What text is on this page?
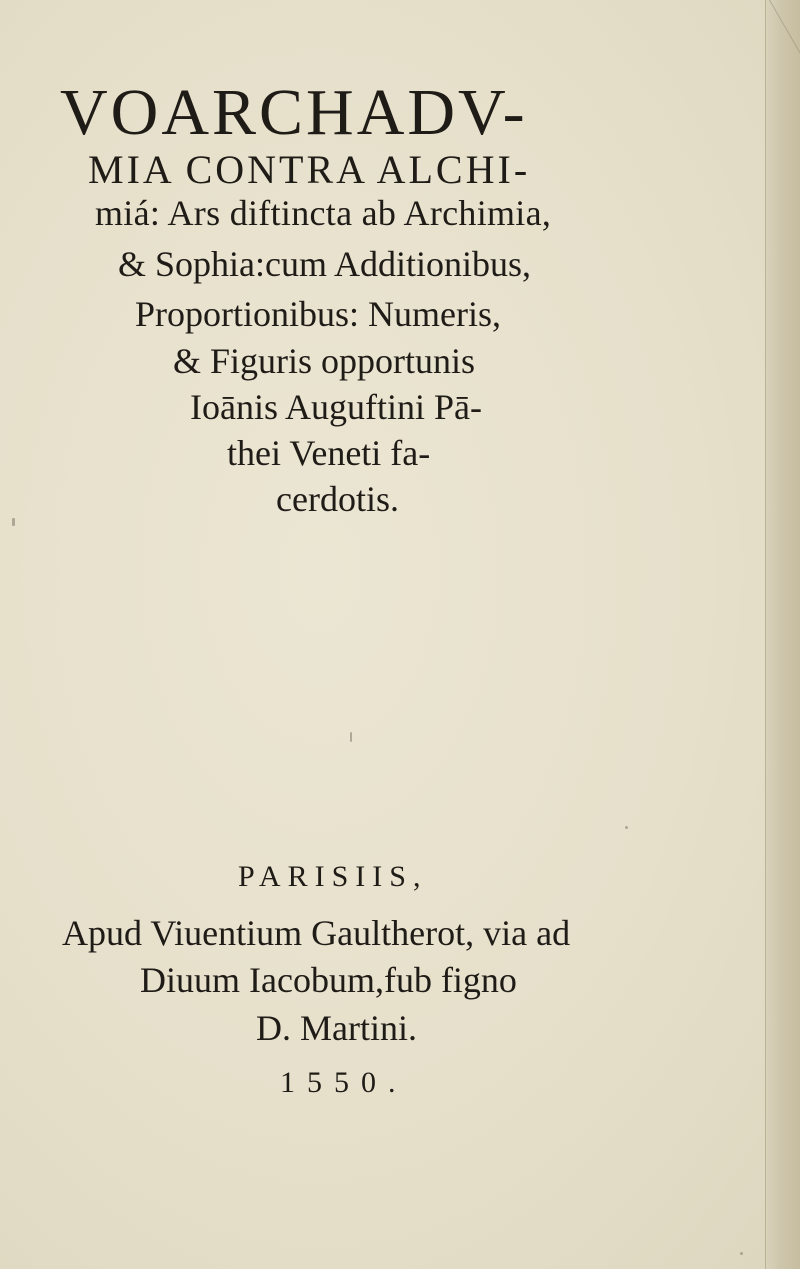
VOARCHADV-
MIA CONTRA ALCHI-
miá: Ars diftincta ab Archimia,
& Sophia:cum Additionibus,
Proportionibus: Numeris,
& Figuris opportunis
Ioānis Auguftini Pā-
thei Veneti fa-
cerdotis.
PARISIIS,
Apud Viuentium Gaultherot, via ad
Diuum Iacobum,fub figno
D. Martini.
1550.
